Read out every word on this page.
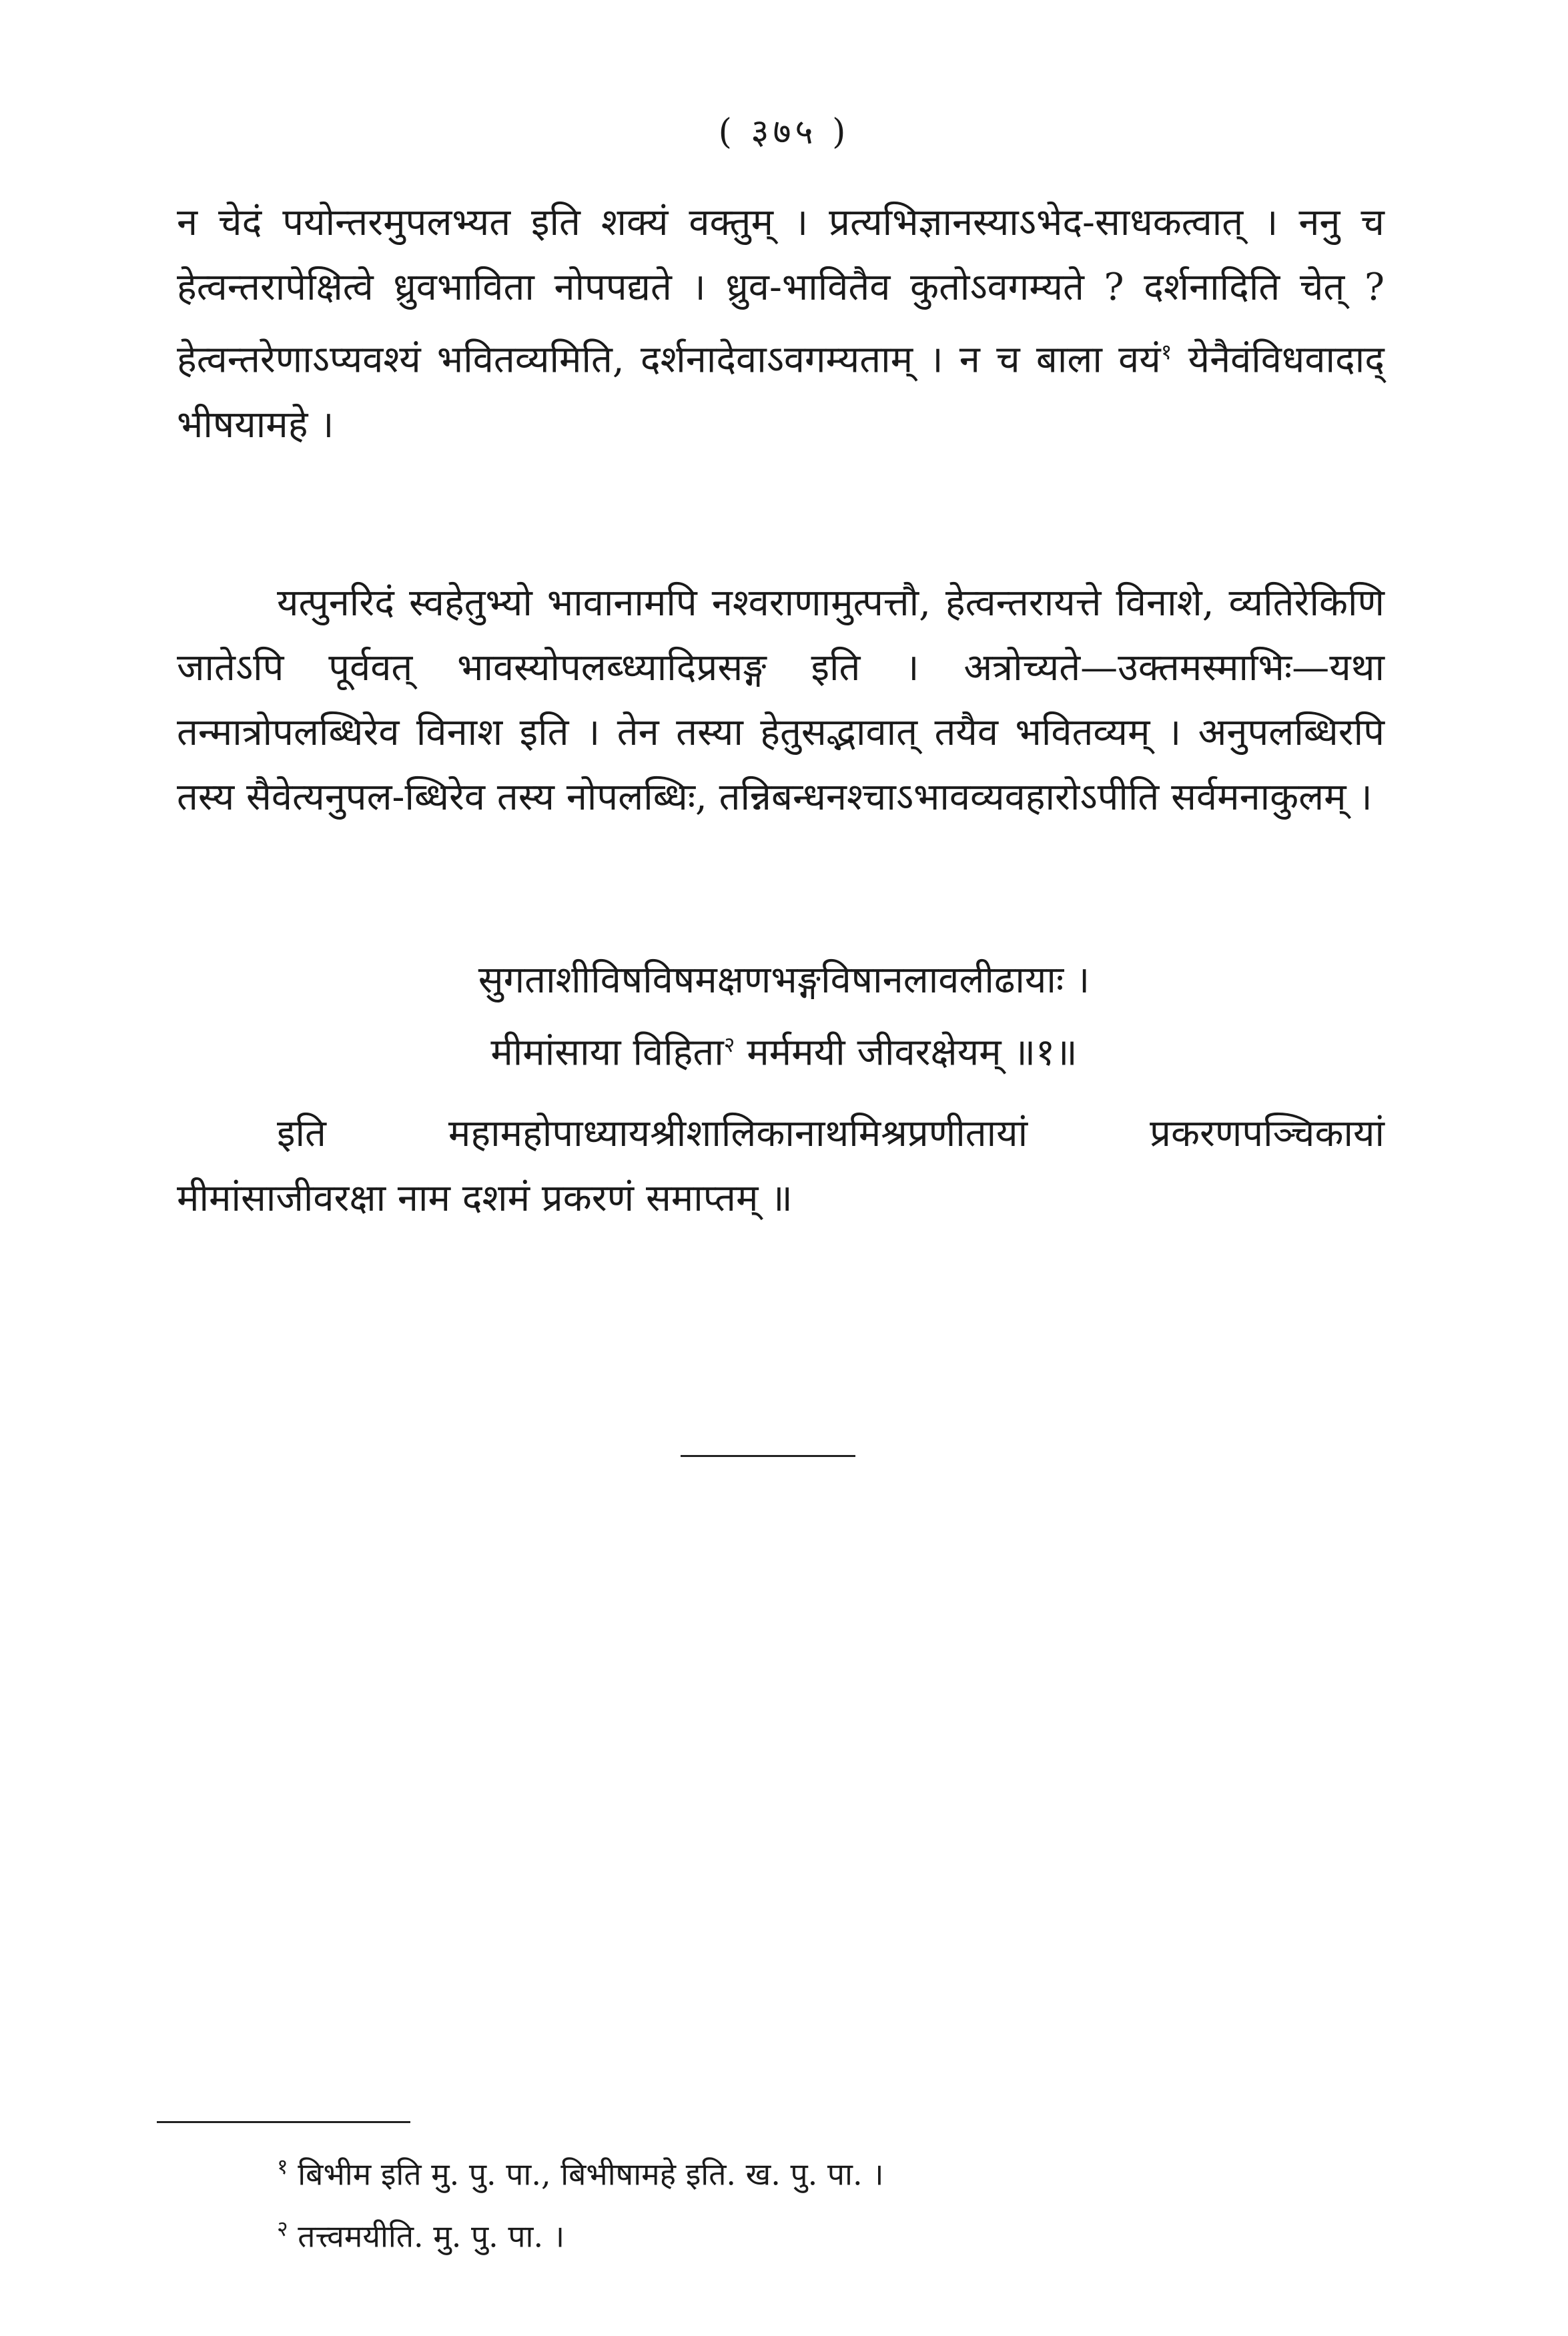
( ३७५ )

न चेदं पयोन्तरमुपलभ्यत इति शक्यं वक्तुम् । प्रत्यभिज्ञानस्याऽभेद-साधकत्वात् । ननु च हेत्वन्तरापेक्षित्वे ध्रुवभाविता नोपपद्यते । ध्रुव-भावितैव कुतोऽवगम्यते ? दर्शनादिति चेत् ? हेत्वन्तरेणाऽप्यवश्यं भवितव्यमिति, दर्शनादेवाऽवगम्यताम् । न च बाला वयं$^१$ येनैवंविधवादाद् भीषयामहे ।

यत्पुनरिदं स्वहेतुभ्यो भावानामपि नश्वराणामुत्पत्तौ, हेत्वन्तरायत्ते विनाशे, व्यतिरेकिणि जातेऽपि पूर्ववत् भावस्योपलब्ध्यादिप्रसङ्ग इति । अत्रोच्यते—उक्तमस्माभिः—यथा तन्मात्रोपलब्धिरेव विनाश इति । तेन तस्या हेतुसद्भावात् तयैव भवितव्यम् । अनुपलब्धिरपि तस्य सैवेत्यनुपल-ब्धिरेव तस्य नोपलब्धिः, तन्निबन्धनश्चाऽभावव्यवहारोऽपीति सर्वमनाकुलम् ।

सुगताशीविषविषमक्षणभङ्गविषानलावलीढायाः ।
मीमांसाया विहिता$^२$ मर्ममयी जीवरक्षेयम् ॥१॥

इति महामहोपाध्यायश्रीशालिकानाथमिश्रप्रणीतायां प्रकरणपञ्चिकायां मीमांसाजीवरक्षा नाम दशमं प्रकरणं समाप्तम् ॥

$^१$ बिभीम इति मु. पु. पा., बिभीषामहे इति. ख. पु. पा. ।
$^२$ तत्त्वमयीति. मु. पु. पा. ।
